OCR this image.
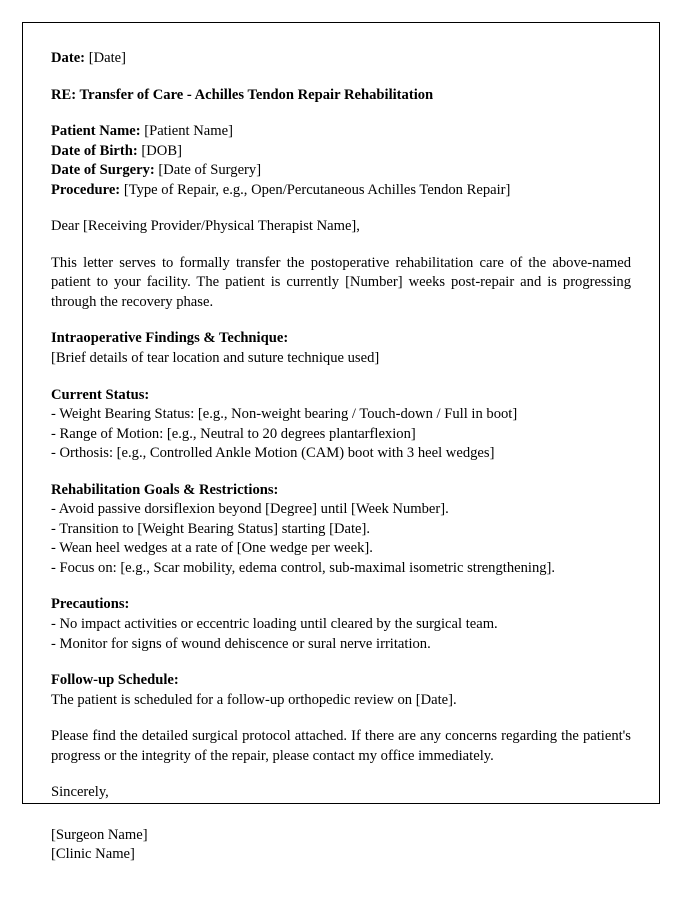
Date: [Date]

RE: Transfer of Care - Achilles Tendon Repair Rehabilitation

Patient Name: [Patient Name]

Date of Birth: [DOB]

Date of Surgery: [Date of Surgery]

Procedure: [Type of Repair, e.g., Open/Percutaneous Achilles Tendon Repair]

Dear [Receiving Provider/Physical Therapist Name],

This letter serves to formally transfer the postoperative rehabilitation care of the above-named patient to your facility. The patient is currently [Number] weeks post-repair and is progressing through the recovery phase.

Intraoperative Findings & Technique:

[Brief details of tear location and suture technique used]

Current Status:

- Weight Bearing Status: [e.g., Non-weight bearing / Touch-down / Full in boot]

- Range of Motion: [e.g., Neutral to 20 degrees plantarflexion]

- Orthosis: [e.g., Controlled Ankle Motion (CAM) boot with 3 heel wedges]

Rehabilitation Goals & Restrictions:

- Avoid passive dorsiflexion beyond [Degree] until [Week Number].

- Transition to [Weight Bearing Status] starting [Date].

- Wean heel wedges at a rate of [One wedge per week].

- Focus on: [e.g., Scar mobility, edema control, sub-maximal isometric strengthening].

Precautions:

- No impact activities or eccentric loading until cleared by the surgical team.

- Monitor for signs of wound dehiscence or sural nerve irritation.

Follow-up Schedule:

The patient is scheduled for a follow-up orthopedic review on [Date].

Please find the detailed surgical protocol attached. If there are any concerns regarding the patient's progress or the integrity of the repair, please contact my office immediately.

Sincerely,

[Surgeon Name]

[Clinic Name]
